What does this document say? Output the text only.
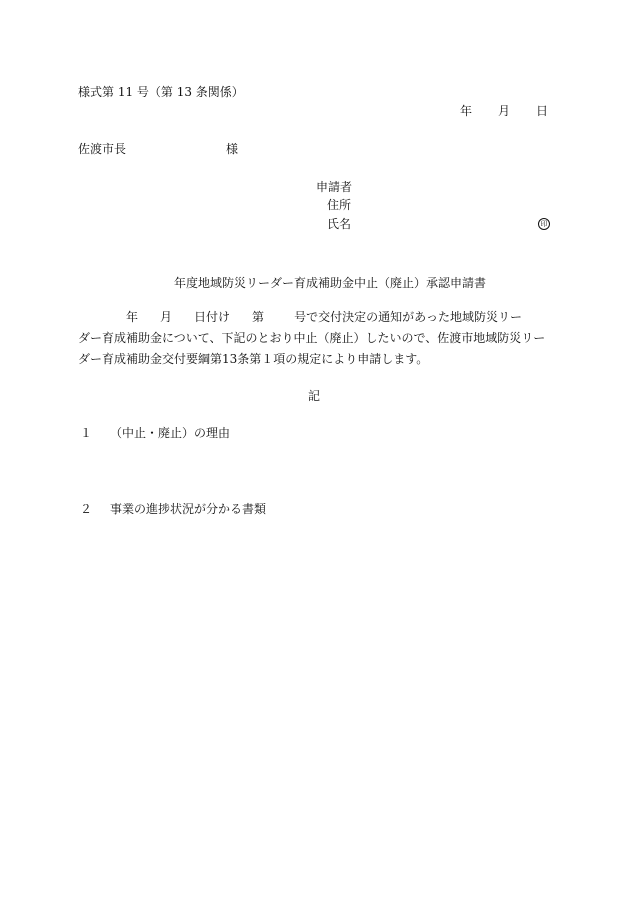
様式第 11 号（第 13 条関係）
年 月 日
佐渡市長	様
申請者
住所
氏名	印
年度地域防災リーダー育成補助金中止（廃止）承認申請書
年 月 日付け 第	号で交付決定の通知があった地域防災リー
ダー育成補助金について、下記のとおり中止（廃止）したいので、佐渡市地域防災リー
ダー育成補助金交付要綱第13条第１項の規定により申請します。
記
１ （中止・廃止）の理由
２ 事業の進捗状況が分かる書類
